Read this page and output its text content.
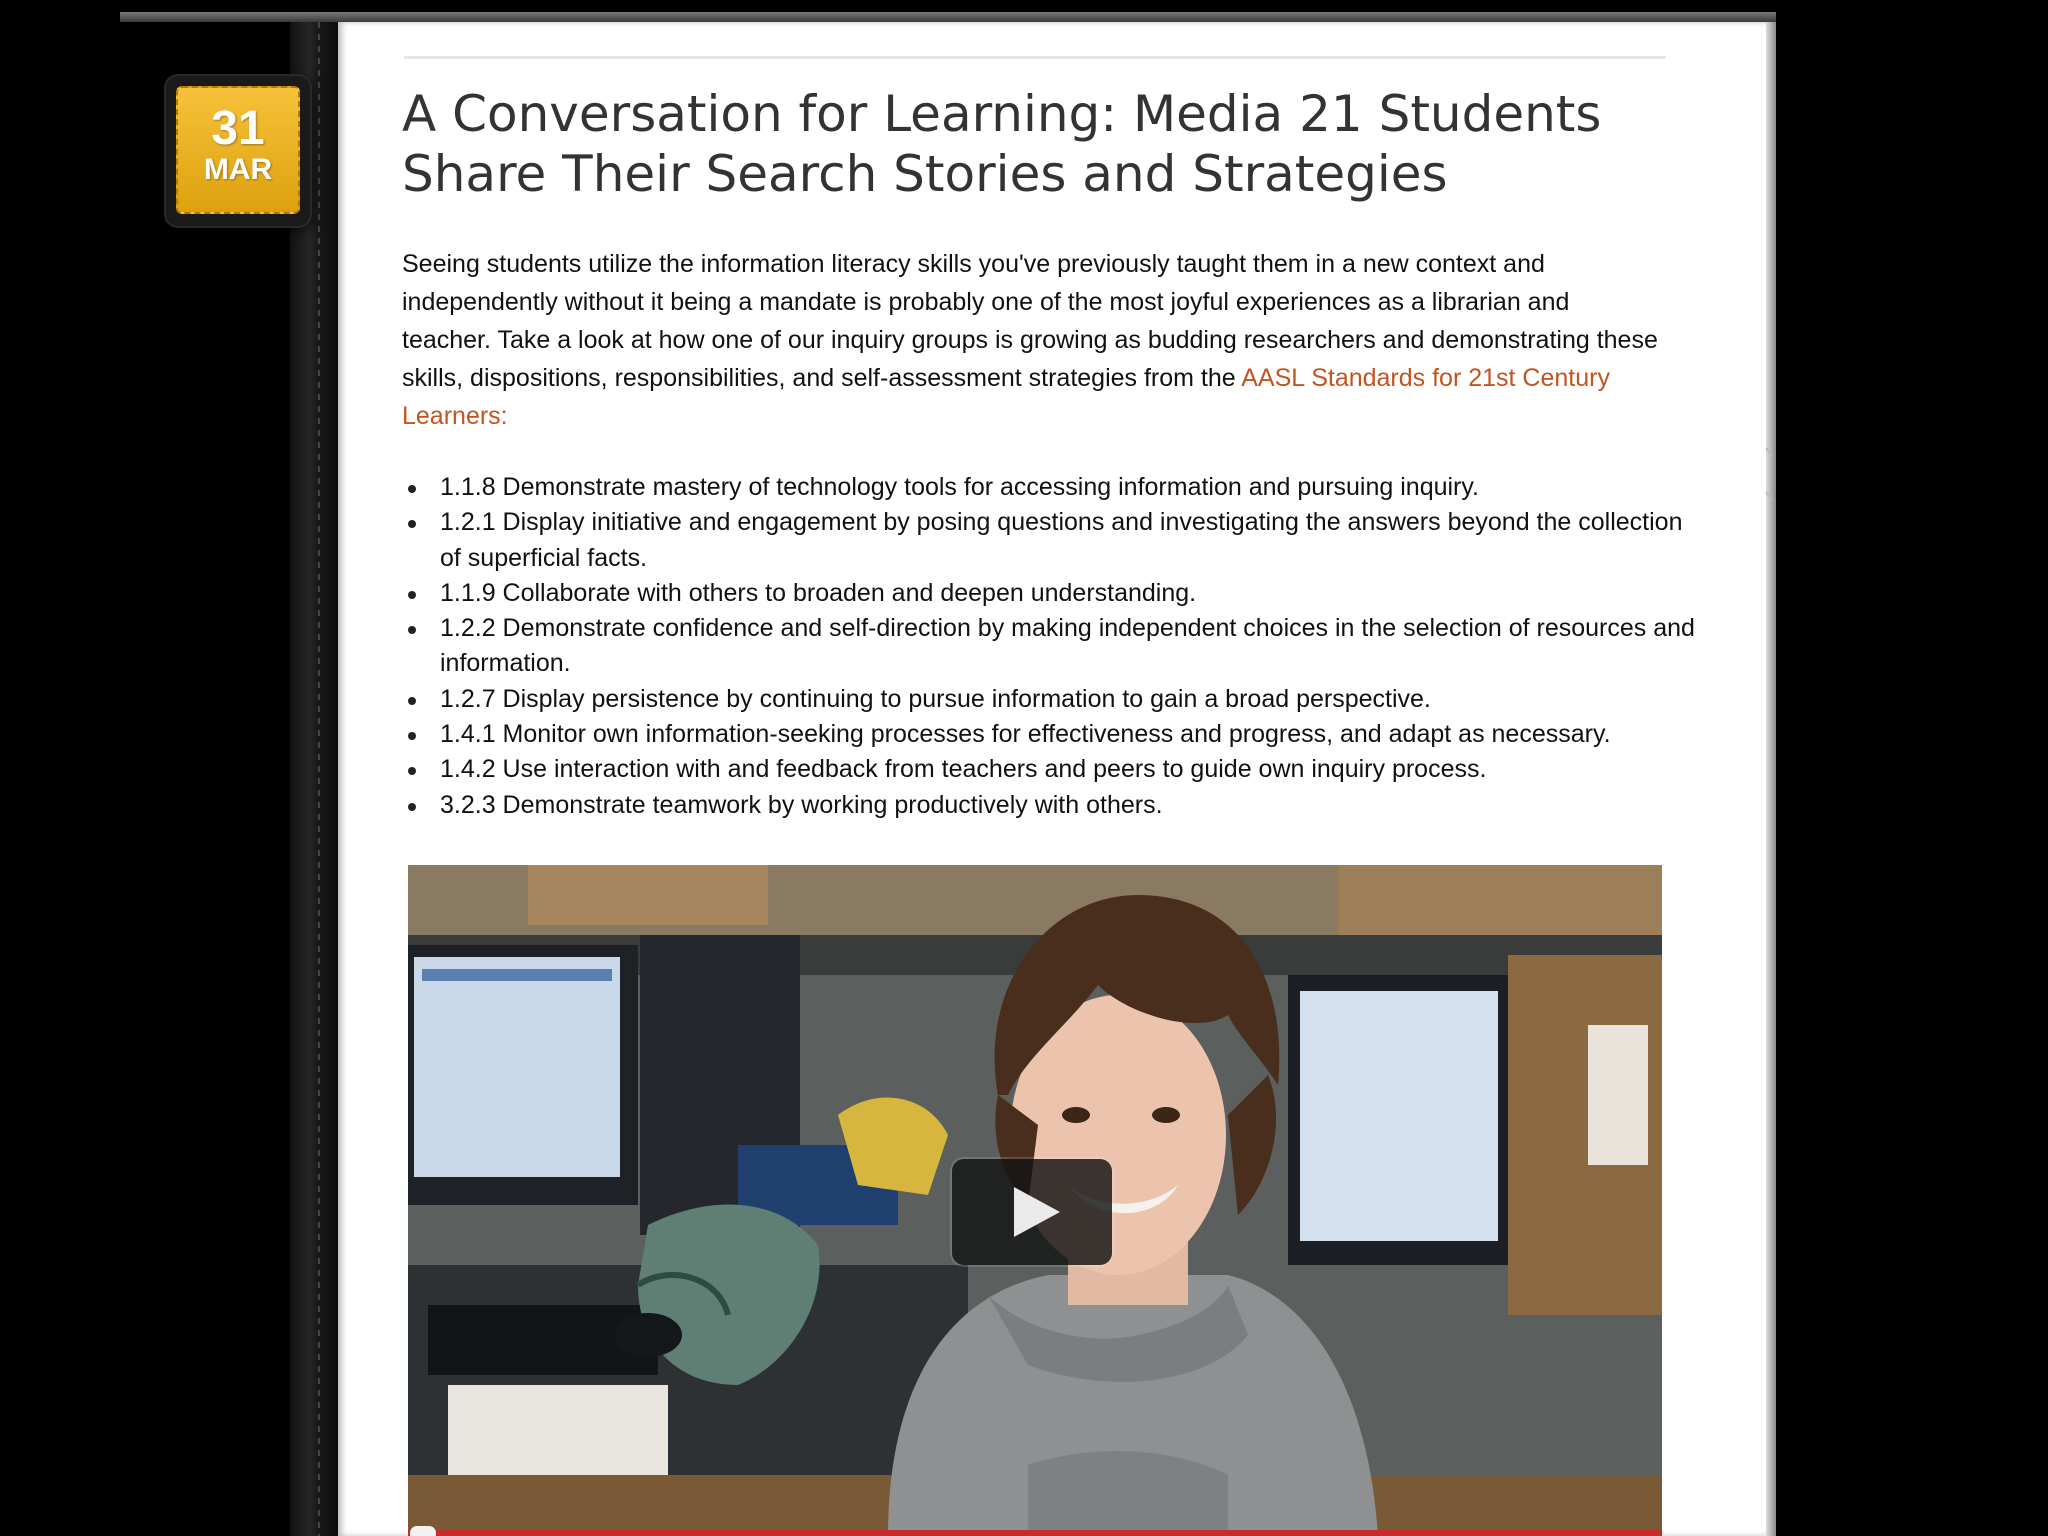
31
MAR
A Conversation for Learning: Media 21 Students Share Their Search Stories and Strategies

Seeing students utilize the information literacy skills you've previously taught them in a new context and independently without it being a mandate is probably one of the most joyful experiences as a librarian and teacher. Take a look at how one of our inquiry groups is growing as budding researchers and demonstrating these skills, dispositions, responsibilities, and self-assessment strategies from the AASL Standards for 21st Century Learners:

1.1.8 Demonstrate mastery of technology tools for accessing information and pursuing inquiry.
1.2.1 Display initiative and engagement by posing questions and investigating the answers beyond the collection of superficial facts.
1.1.9 Collaborate with others to broaden and deepen understanding.
1.2.2 Demonstrate confidence and self-direction by making independent choices in the selection of resources and information.
1.2.7 Display persistence by continuing to pursue information to gain a broad perspective.
1.4.1 Monitor own information-seeking processes for effectiveness and progress, and adapt as necessary.
1.4.2 Use interaction with and feedback from teachers and peers to guide own inquiry process.
3.2.3 Demonstrate teamwork by working productively with others.
